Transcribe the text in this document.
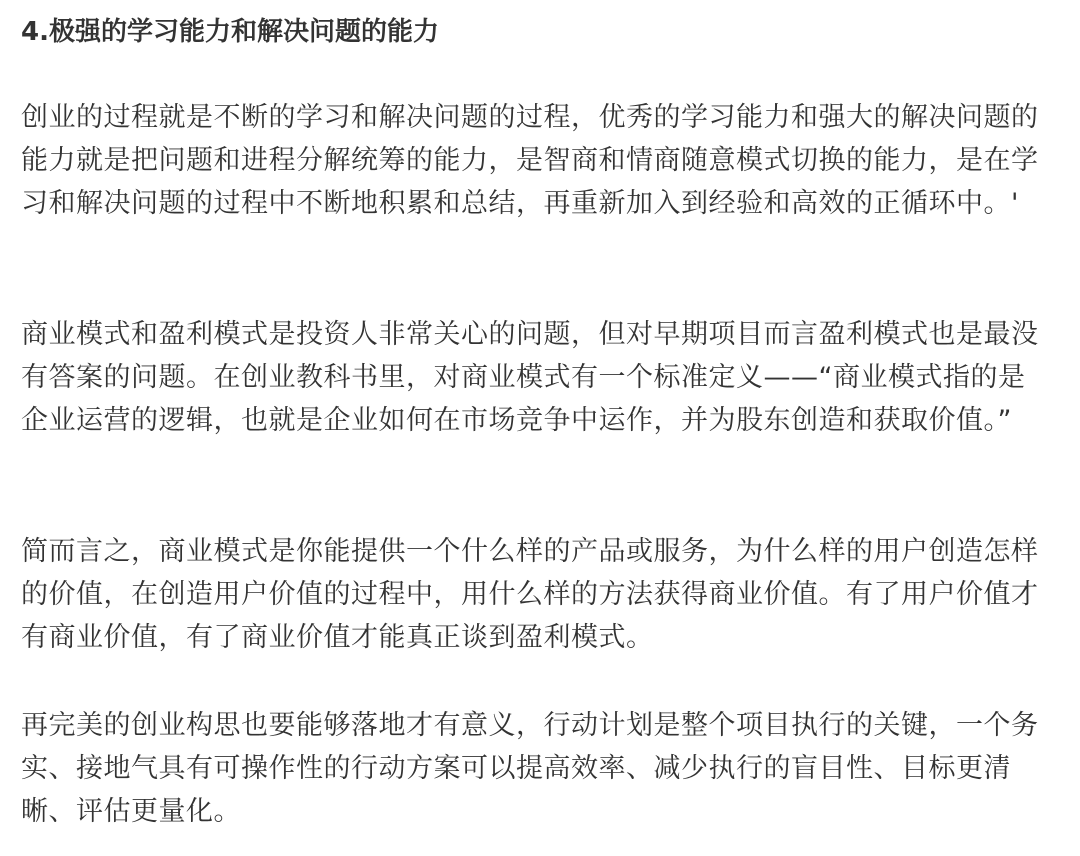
4.极强的学习能力和解决问题的能力

创业的过程就是不断的学习和解决问题的过程，优秀的学习能力和强大的解决问题的能力就是把问题和进程分解统筹的能力，是智商和情商随意模式切换的能力，是在学习和解决问题的过程中不断地积累和总结，再重新加入到经验和高效的正循环中。'

商业模式和盈利模式是投资人非常关心的问题，但对早期项目而言盈利模式也是最没有答案的问题。在创业教科书里，对商业模式有一个标准定义——“商业模式指的是企业运营的逻辑，也就是企业如何在市场竞争中运作，并为股东创造和获取价值。”

简而言之，商业模式是你能提供一个什么样的产品或服务，为什么样的用户创造怎样的价值，在创造用户价值的过程中，用什么样的方法获得商业价值。有了用户价值才有商业价值，有了商业价值才能真正谈到盈利模式。

再完美的创业构思也要能够落地才有意义，行动计划是整个项目执行的关键，一个务实、接地气具有可操作性的行动方案可以提高效率、减少执行的盲目性、目标更清晰、评估更量化。
